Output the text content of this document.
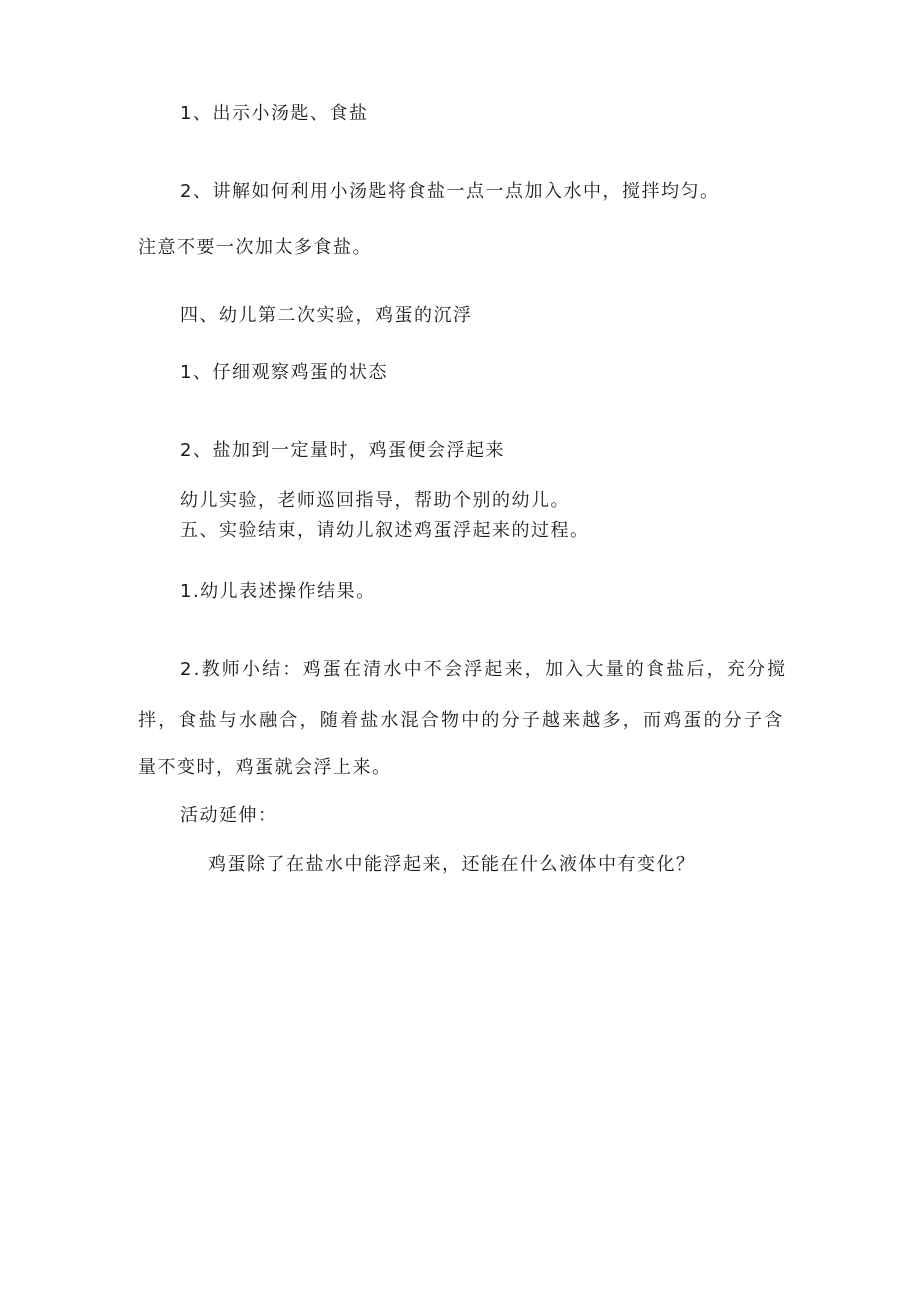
1、出示小汤匙、食盐
2、讲解如何利用小汤匙将食盐一点一点加入水中，搅拌均匀。
注意不要一次加太多食盐。
四、幼儿第二次实验，鸡蛋的沉浮
1、仔细观察鸡蛋的状态
2、盐加到一定量时，鸡蛋便会浮起来
幼儿实验，老师巡回指导，帮助个别的幼儿。
五、实验结束，请幼儿叙述鸡蛋浮起来的过程。
1.幼儿表述操作结果。
2.教师小结：鸡蛋在清水中不会浮起来，加入大量的食盐后，充分搅
拌，食盐与水融合，随着盐水混合物中的分子越来越多，而鸡蛋的分子含
量不变时，鸡蛋就会浮上来。
活动延伸：
鸡蛋除了在盐水中能浮起来，还能在什么液体中有变化？
